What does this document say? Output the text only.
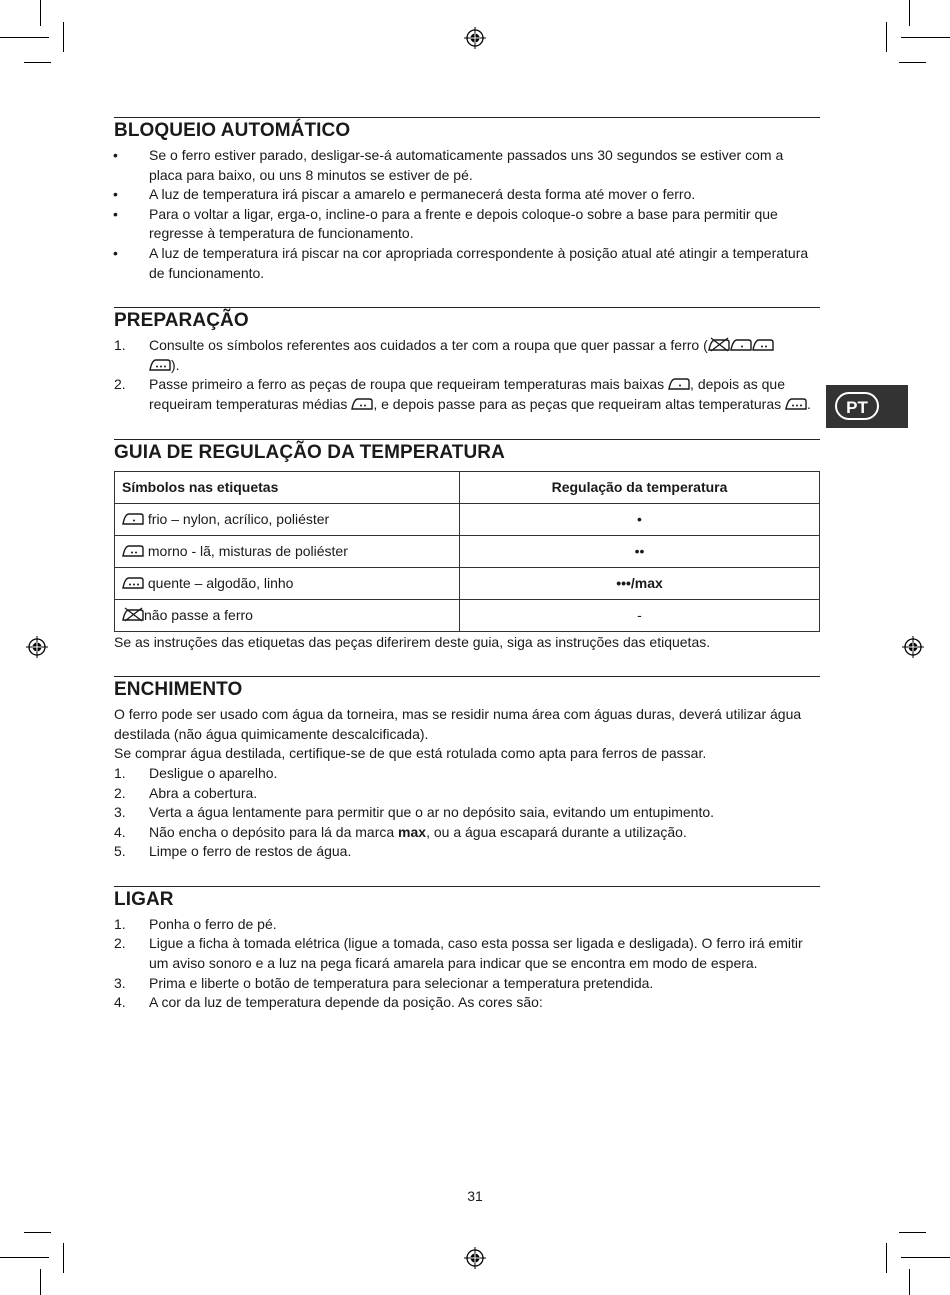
PT
BLOQUEIO AUTOMÁTICO
• Se o ferro estiver parado, desligar-se-á automaticamente passados uns 30 segundos se estiver com a placa para baixo, ou uns 8 minutos se estiver de pé.
• A luz de temperatura irá piscar a amarelo e permanecerá desta forma até mover o ferro.
• Para o voltar a ligar, erga-o, incline-o para a frente e depois coloque-o sobre a base para permitir que regresse à temperatura de funcionamento.
• A luz de temperatura irá piscar na cor apropriada correspondente à posição atual até atingir a temperatura de funcionamento.
PREPARAÇÃO
1. Consulte os símbolos referentes aos cuidados a ter com a roupa que quer passar a ferro (
).
2. Passe primeiro a ferro as peças de roupa que requeiram temperaturas mais baixas , depois as que requeiram temperaturas médias , e depois passe para as peças que requeiram altas temperaturas .
GUIA DE REGULAÇÃO DA TEMPERATURA
Símbolos nas etiquetas	Regulação da temperatura
frio – nylon, acrílico, poliéster	•
morno - lã, misturas de poliéster	••
quente – algodão, linho	•••/max
não passe a ferro	-

Se as instruções das etiquetas das peças diferirem deste guia, siga as instruções das etiquetas.

ENCHIMENTO

O ferro pode ser usado com água da torneira, mas se residir numa área com águas duras, deverá utilizar água destilada (não água quimicamente descalcificada).

Se comprar água destilada, certifique-se de que está rotulada como apta para ferros de passar.

1. Desligue o aparelho.
2. Abra a cobertura.
3. Verta a água lentamente para permitir que o ar no depósito saia, evitando um entupimento.
4. Não encha o depósito para lá da marca max, ou a água escapará durante a utilização.
5. Limpe o ferro de restos de água.
LIGAR
1. Ponha o ferro de pé.
2. Ligue a ficha à tomada elétrica (ligue a tomada, caso esta possa ser ligada e desligada). O ferro irá emitir um aviso sonoro e a luz na pega ficará amarela para indicar que se encontra em modo de espera.
3. Prima e liberte o botão de temperatura para selecionar a temperatura pretendida.
4. A cor da luz de temperatura depende da posição. As cores são:
31
